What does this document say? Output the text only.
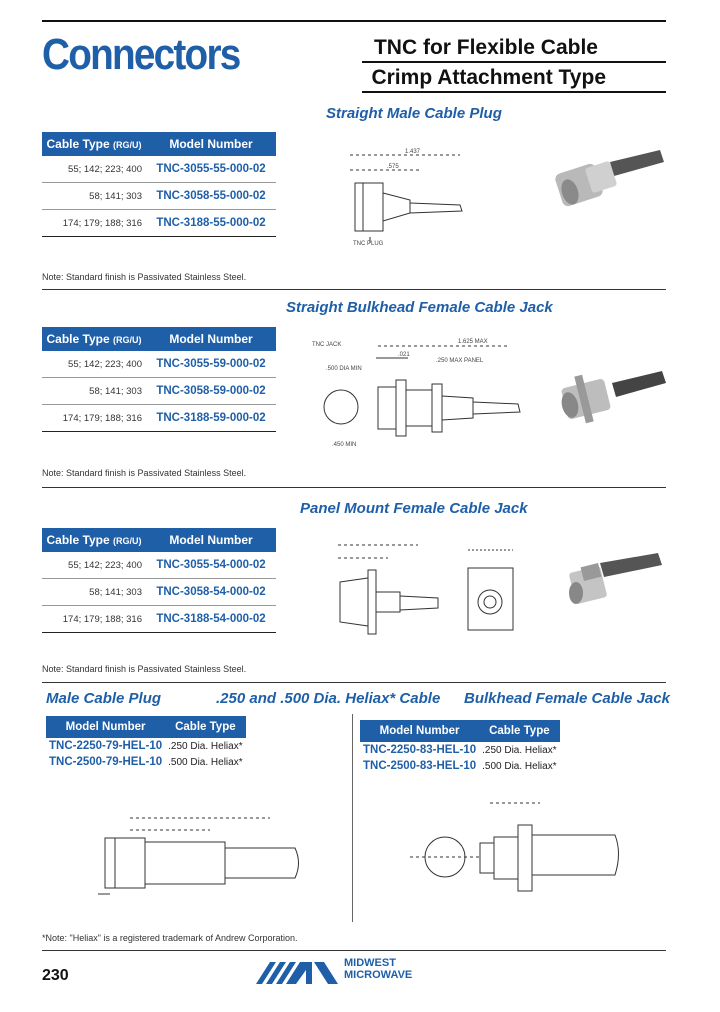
Connectors	TNC for Flexible Cable
Crimp Attachment Type
Straight Male Cable Plug
Cable Type (RG/U)	Model Number
55; 142; 223; 400	TNC-3055-55-000-02
58; 141; 303	TNC-3058-55-000-02
174; 179; 188; 316	TNC-3188-55-000-02
1.437
.575
TNC PLUG
Note: Standard finish is Passivated Stainless Steel.
Straight Bulkhead Female Cable Jack
Cable Type (RG/U)	Model Number
55; 142; 223; 400	TNC-3055-59-000-02
58; 141; 303	TNC-3058-59-000-02
174; 179; 188; 316	TNC-3188-59-000-02
TNC JACK	1.625 MAX
.021
.250 MAX PANEL
.500 DIA MIN
.450 MIN
Note: Standard finish is Passivated Stainless Steel.
Panel Mount Female Cable Jack
Cable Type (RG/U)	Model Number
55; 142; 223; 400	TNC-3055-54-000-02
58; 141; 303	TNC-3058-54-000-02
174; 179; 188; 316	TNC-3188-54-000-02
Note: Standard finish is Passivated Stainless Steel.
Male Cable Plug	.250 and .500 Dia. Heliax* Cable Bulkhead Female Cable Jack
Model Number	Cable Type
TNC-2250-79-HEL-10	.250 Dia. Heliax*
TNC-2500-79-HEL-10	.500 Dia. Heliax*
Model Number	Cable Type
TNC-2250-83-HEL-10	.250 Dia. Heliax*
TNC-2500-83-HEL-10	.500 Dia. Heliax*
*Note: "Heliax" is a registered trademark of Andrew Corporation.
230
MIDWEST
MICROWAVE
